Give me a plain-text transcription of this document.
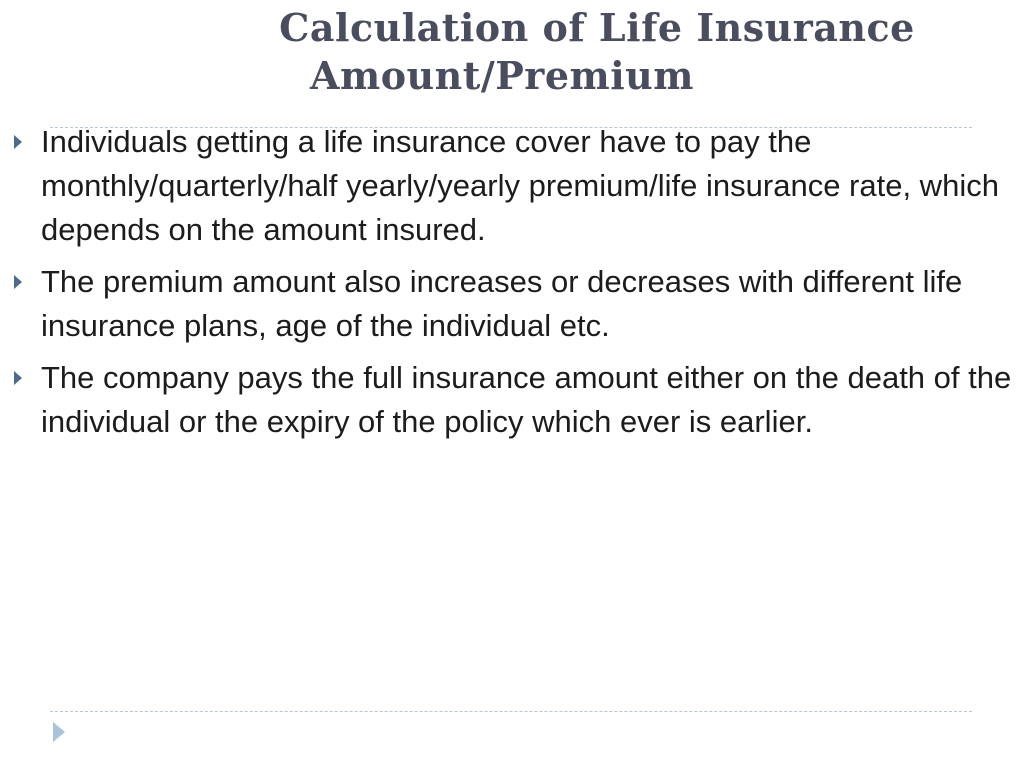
Calculation of Life Insurance
Amount/Premium
Individuals getting a life insurance cover have to pay the monthly/quarterly/half yearly/yearly premium/life insurance rate, which depends on the amount insured.
The premium amount also increases or decreases with different life insurance plans, age of the individual etc.
The company pays the full insurance amount either on the death of the individual or the expiry of the policy which ever is earlier.
